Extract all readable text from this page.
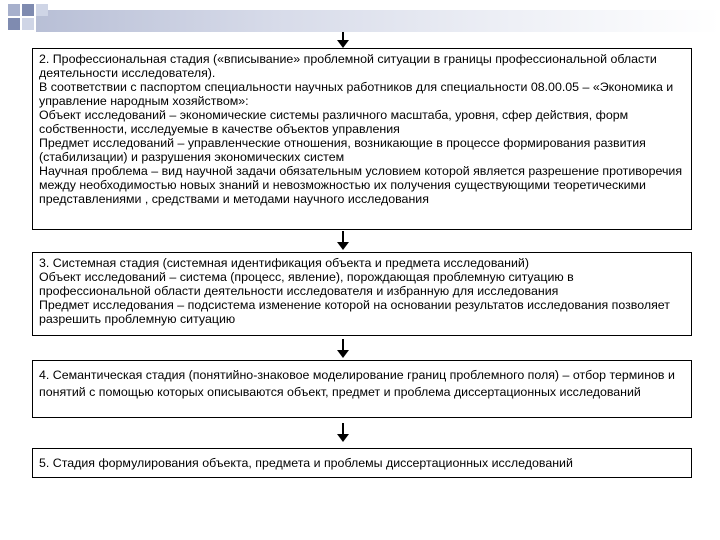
2. Профессиональная стадия («вписывание» проблемной ситуации в границы профессиональной области деятельности исследователя).

В соответствии с паспортом специальности научных работников для специальности 08.00.05 – «Экономика и управление народным хозяйством»:

Объект исследований – экономические системы различного масштаба, уровня, сфер действия, форм собственности, исследуемые в качестве объектов управления

Предмет исследований – управленческие отношения, возникающие в процессе формирования развития (стабилизации) и разрушения экономических систем

Научная проблема – вид научной задачи обязательным условием которой является разрешение противоречия между необходимостью новых знаний и невозможностью их получения существующими теоретическими представлениями , средствами и методами научного исследования

3. Системная стадия (системная идентификация объекта и предмета исследований)

Объект исследований – система (процесс, явление), порождающая проблемную ситуацию в профессиональной области деятельности исследователя и избранную для исследования

Предмет исследования – подсистема изменение которой на основании результатов исследования позволяет разрешить проблемную ситуацию

4. Семантическая стадия (понятийно-знаковое моделирование границ проблемного поля) – отбор терминов и понятий с помощью которых описываются объект, предмет и проблема диссертационных исследований

5. Стадия формулирования объекта, предмета и проблемы диссертационных исследований
